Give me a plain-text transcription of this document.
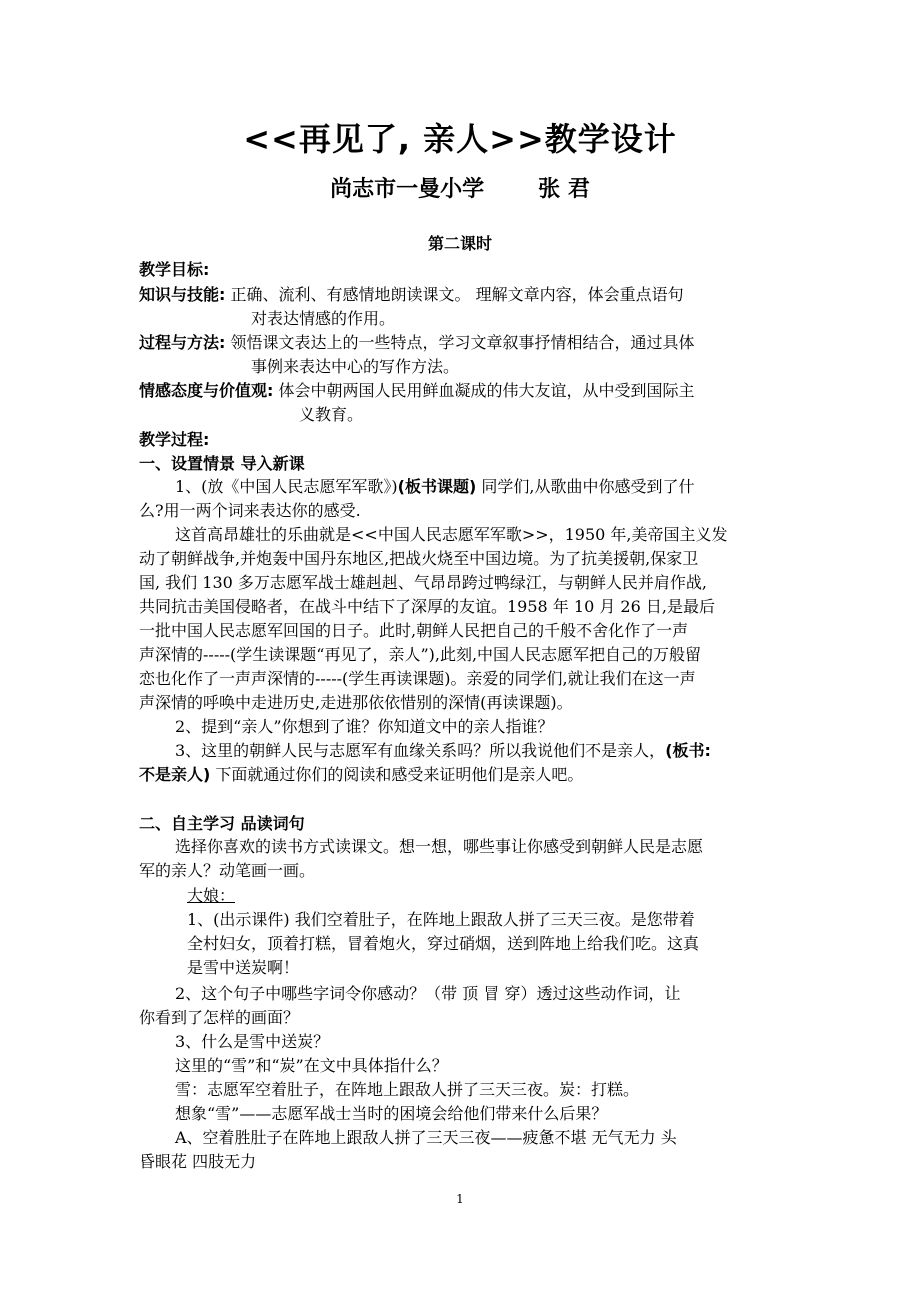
<<再见了, 亲人>>教学设计
尚志市一曼小学 张 君
第二课时
教学目标:
知识与技能: 正确、流利、有感情地朗读课文。 理解文章内容，体会重点语句
对表达情感的作用。
过程与方法: 领悟课文表达上的一些特点，学习文章叙事抒情相结合，通过具体
事例来表达中心的写作方法。
情感态度与价值观: 体会中朝两国人民用鲜血凝成的伟大友谊，从中受到国际主
义教育。
教学过程:
一、设置情景 导入新课
1、(放《中国人民志愿军军歌》)(板书课题) 同学们,从歌曲中你感受到了什
么?用一两个词来表达你的感受.
这首高昂雄壮的乐曲就是<<中国人民志愿军军歌>>，1950 年,美帝国主义发
动了朝鲜战争,并炮轰中国丹东地区,把战火烧至中国边境。为了抗美援朝,保家卫
国, 我们 130 多万志愿军战士雄赳赳、气昂昂跨过鸭绿江，与朝鲜人民并肩作战,
共同抗击美国侵略者，在战斗中结下了深厚的友谊。1958 年 10 月 26 日,是最后
一批中国人民志愿军回国的日子。此时,朝鲜人民把自己的千般不舍化作了一声
声深情的-----(学生读课题“再见了，亲人”),此刻,中国人民志愿军把自己的万般留
恋也化作了一声声深情的-----(学生再读课题)。亲爱的同学们,就让我们在这一声
声深情的呼唤中走进历史,走进那依依惜别的深情(再读课题)。
2、提到“亲人”你想到了谁？你知道文中的亲人指谁？
3、这里的朝鲜人民与志愿军有血缘关系吗？所以我说他们不是亲人，(板书:
不是亲人) 下面就通过你们的阅读和感受来证明他们是亲人吧。
二、自主学习 品读词句
选择你喜欢的读书方式读课文。想一想，哪些事让你感受到朝鲜人民是志愿
军的亲人？动笔画一画。
大娘：
1、(出示课件) 我们空着肚子，在阵地上跟敌人拼了三天三夜。是您带着
全村妇女，顶着打糕，冒着炮火，穿过硝烟，送到阵地上给我们吃。这真
是雪中送炭啊！
2、这个句子中哪些字词令你感动？（带 顶 冒 穿）透过这些动作词，让
你看到了怎样的画面？
3、什么是雪中送炭？
这里的“雪”和“炭”在文中具体指什么？
雪：志愿军空着肚子，在阵地上跟敌人拼了三天三夜。炭：打糕。
想象“雪”——志愿军战士当时的困境会给他们带来什么后果？
A、空着胜肚子在阵地上跟敌人拼了三天三夜——疲惫不堪 无气无力 头
昏眼花 四肢无力
1
